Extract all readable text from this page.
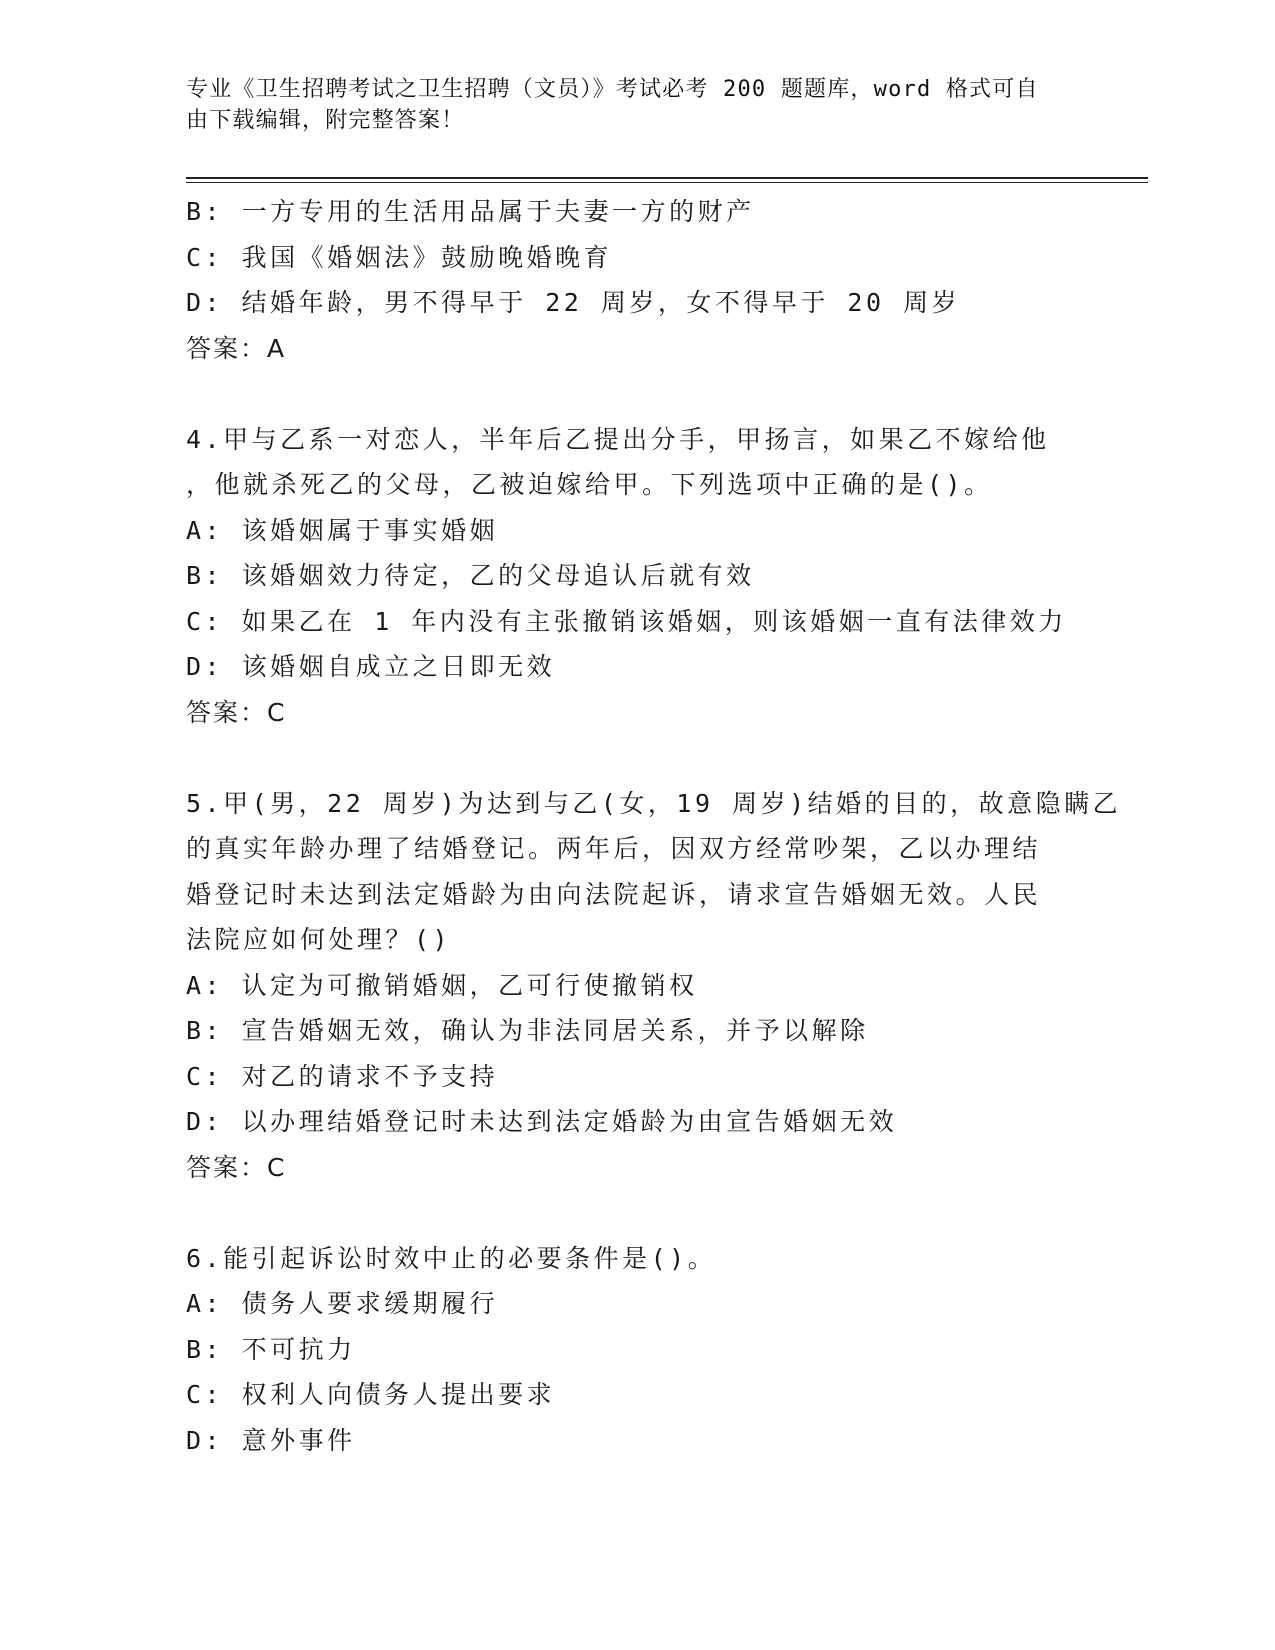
专业《卫生招聘考试之卫生招聘（文员）》考试必考 200 题题库，word 格式可自
由下载编辑，附完整答案！
B: 一方专用的生活用品属于夫妻一方的财产
C: 我国《婚姻法》鼓励晚婚晚育
D: 结婚年龄，男不得早于 22 周岁，女不得早于 20 周岁
答案：A
4.甲与乙系一对恋人，半年后乙提出分手，甲扬言，如果乙不嫁给他
，他就杀死乙的父母，乙被迫嫁给甲。下列选项中正确的是()。
A: 该婚姻属于事实婚姻
B: 该婚姻效力待定，乙的父母追认后就有效
C: 如果乙在 1 年内没有主张撤销该婚姻，则该婚姻一直有法律效力
D: 该婚姻自成立之日即无效
答案：C
5.甲(男，22 周岁)为达到与乙(女，19 周岁)结婚的目的，故意隐瞒乙
的真实年龄办理了结婚登记。两年后，因双方经常吵架，乙以办理结
婚登记时未达到法定婚龄为由向法院起诉，请求宣告婚姻无效。人民
法院应如何处理？()
A: 认定为可撤销婚姻，乙可行使撤销权
B: 宣告婚姻无效，确认为非法同居关系，并予以解除
C: 对乙的请求不予支持
D: 以办理结婚登记时未达到法定婚龄为由宣告婚姻无效
答案：C
6.能引起诉讼时效中止的必要条件是()。
A: 债务人要求缓期履行
B: 不可抗力
C: 权利人向债务人提出要求
D: 意外事件
